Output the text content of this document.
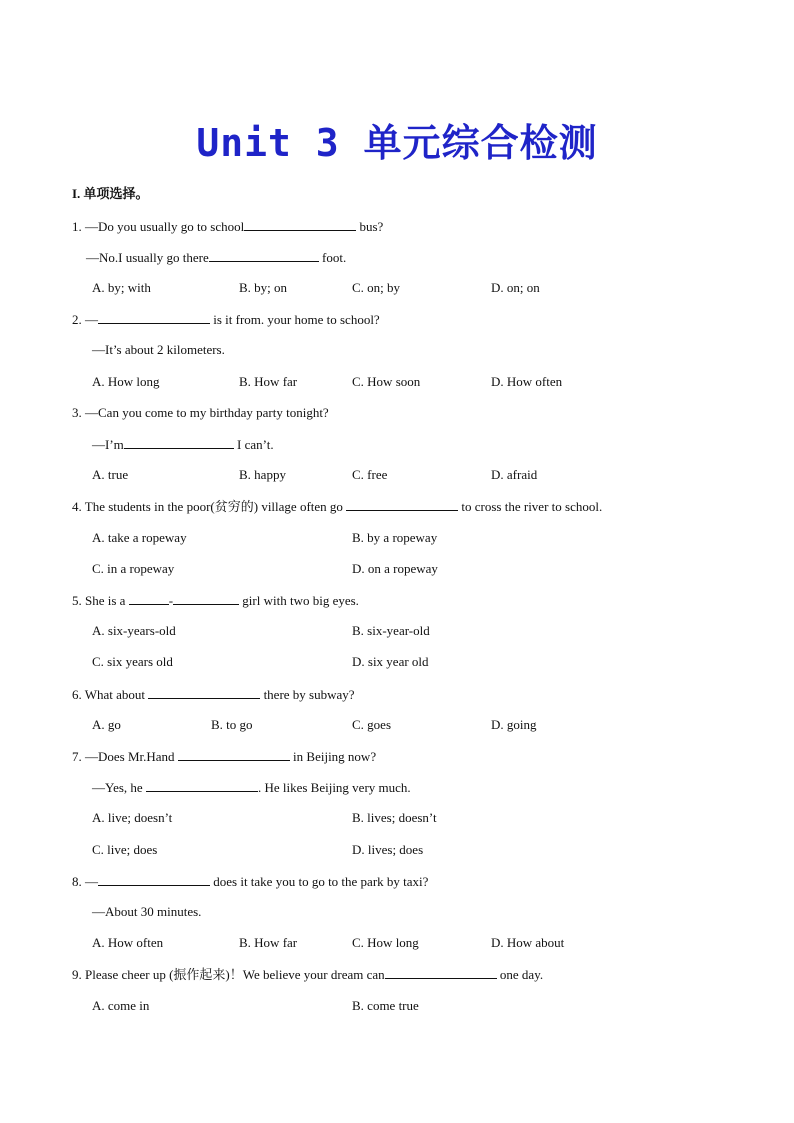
Unit 3 单元综合检测
I. 单项选择。
1. —Do you usually go to school	bus?
—No.I usually go there	foot.
A. by; with	B. by; on	C. on; by	D. on; on
2. —	is it from. your home to school?
—It’s about 2 kilometers.
A. How long	B. How far	C. How soon	D. How often
3. —Can you come to my birthday party tonight?
—I’m	I can’t.
A. true	B. happy	C. free	D. afraid
4. The students in the poor(贫穷的) village often go	to cross the river to school.
A. take a ropeway	B. by a ropeway
C. in a ropeway	D. on a ropeway
5. She is a	-	girl with two big eyes.
A. six-years-old	B. six-year-old
C. six years old	D. six year old
6. What about	there by subway?
A. go	B. to go	C. goes	D. going
7. —Does Mr.Hand	in Beijing now?
—Yes, he	. He likes Beijing very much.
A. live; doesn’t	B. lives; doesn’t
C. live; does	D. lives; does
8. —	does it take you to go to the park by taxi?
—About 30 minutes.
A. How often	B. How far	C. How long	D. How about
9. Please cheer up (振作起来)！We believe your dream can	one day.
A. come in	B. come true
